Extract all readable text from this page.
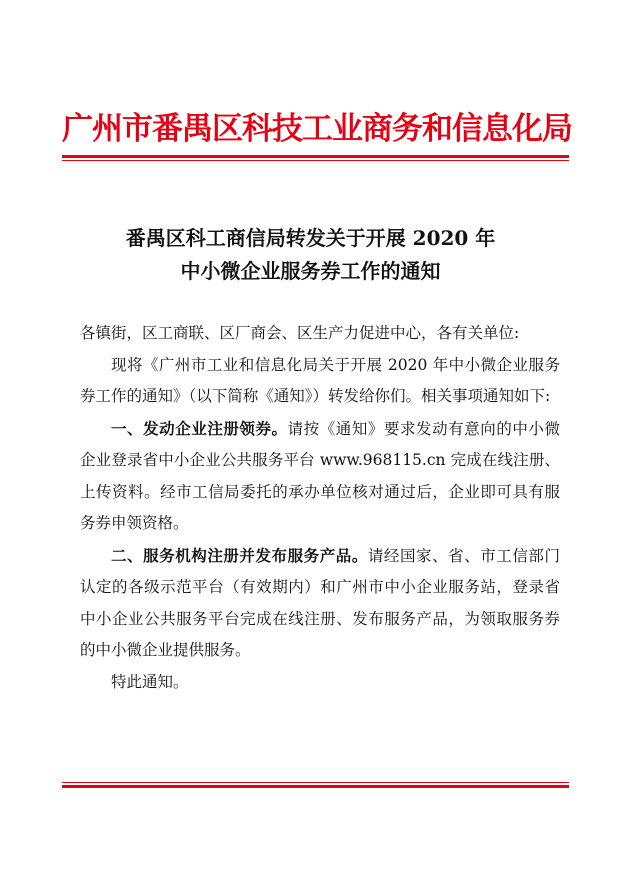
广州市番禺区科技工业商务和信息化局
番禺区科工商信局转发关于开展 2020 年
中小微企业服务券工作的通知

各镇街，区工商联、区厂商会、区生产力促进中心，各有关单位:

现将《广州市工业和信息化局关于开展 2020 年中小微企业服务券工作的通知》（以下简称《通知》）转发给你们。相关事项通知如下:

一、发动企业注册领券。请按《通知》要求发动有意向的中小微企业登录省中小企业公共服务平台 www.968115.cn 完成在线注册、上传资料。经市工信局委托的承办单位核对通过后，企业即可具有服务券申领资格。

二、服务机构注册并发布服务产品。请经国家、省、市工信部门认定的各级示范平台（有效期内）和广州市中小企业服务站，登录省中小企业公共服务平台完成在线注册、发布服务产品，为领取服务券的中小微企业提供服务。

特此通知。
